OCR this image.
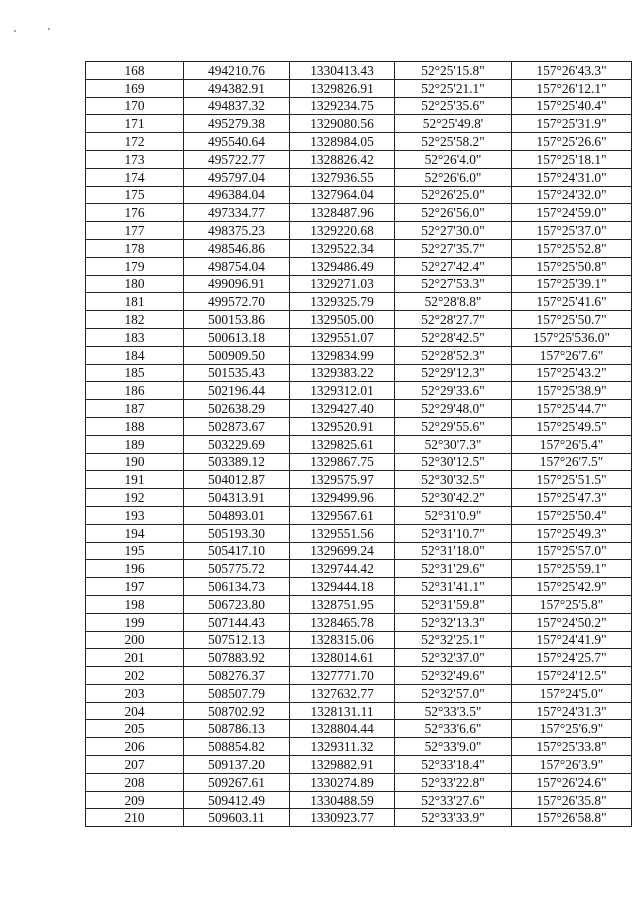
168	494210.76	1330413.43	52°25'15.8"	157°26'43.3"
169	494382.91	1329826.91	52°25'21.1"	157°26'12.1"
170	494837.32	1329234.75	52°25'35.6"	157°25'40.4"
171	495279.38	1329080.56	52°25'49.8'	157°25'31.9"
172	495540.64	1328984.05	52°25'58.2"	157°25'26.6"
173	495722.77	1328826.42	52°26'4.0"	157°25'18.1"
174	495797.04	1327936.55	52°26'6.0"	157°24'31.0"
175	496384.04	1327964.04	52°26'25.0"	157°24'32.0"
176	497334.77	1328487.96	52°26'56.0"	157°24'59.0"
177	498375.23	1329220.68	52°27'30.0"	157°25'37.0"
178	498546.86	1329522.34	52°27'35.7"	157°25'52.8"
179	498754.04	1329486.49	52°27'42.4"	157°25'50.8"
180	499096.91	1329271.03	52°27'53.3"	157°25'39.1"
181	499572.70	1329325.79	52°28'8.8"	157°25'41.6"
182	500153.86	1329505.00	52°28'27.7"	157°25'50.7"
183	500613.18	1329551.07	52°28'42.5"	157°25'536.0"
184	500909.50	1329834.99	52°28'52.3"	157°26'7.6"
185	501535.43	1329383.22	52°29'12.3"	157°25'43.2"
186	502196.44	1329312.01	52°29'33.6"	157°25'38.9"
187	502638.29	1329427.40	52°29'48.0"	157°25'44.7"
188	502873.67	1329520.91	52°29'55.6"	157°25'49.5"
189	503229.69	1329825.61	52°30'7.3"	157°26'5.4"
190	503389.12	1329867.75	52°30'12.5"	157°26'7.5"
191	504012.87	1329575.97	52°30'32.5"	157°25'51.5"
192	504313.91	1329499.96	52°30'42.2"	157°25'47.3"
193	504893.01	1329567.61	52°31'0.9"	157°25'50.4"
194	505193.30	1329551.56	52°31'10.7"	157°25'49.3"
195	505417.10	1329699.24	52°31'18.0"	157°25'57.0"
196	505775.72	1329744.42	52°31'29.6"	157°25'59.1"
197	506134.73	1329444.18	52°31'41.1"	157°25'42.9"
198	506723.80	1328751.95	52°31'59.8"	157°25'5.8"
199	507144.43	1328465.78	52°32'13.3"	157°24'50.2"
200	507512.13	1328315.06	52°32'25.1"	157°24'41.9"
201	507883.92	1328014.61	52°32'37.0"	157°24'25.7"
202	508276.37	1327771.70	52°32'49.6"	157°24'12.5"
203	508507.79	1327632.77	52°32'57.0"	157°24'5.0"
204	508702.92	1328131.11	52°33'3.5"	157°24'31.3"
205	508786.13	1328804.44	52°33'6.6"	157°25'6.9"
206	508854.82	1329311.32	52°33'9.0"	157°25'33.8"
207	509137.20	1329882.91	52°33'18.4"	157°26'3.9"
208	509267.61	1330274.89	52°33'22.8"	157°26'24.6"
209	509412.49	1330488.59	52°33'27.6"	157°26'35.8"
210	509603.11	1330923.77	52°33'33.9"	157°26'58.8"
